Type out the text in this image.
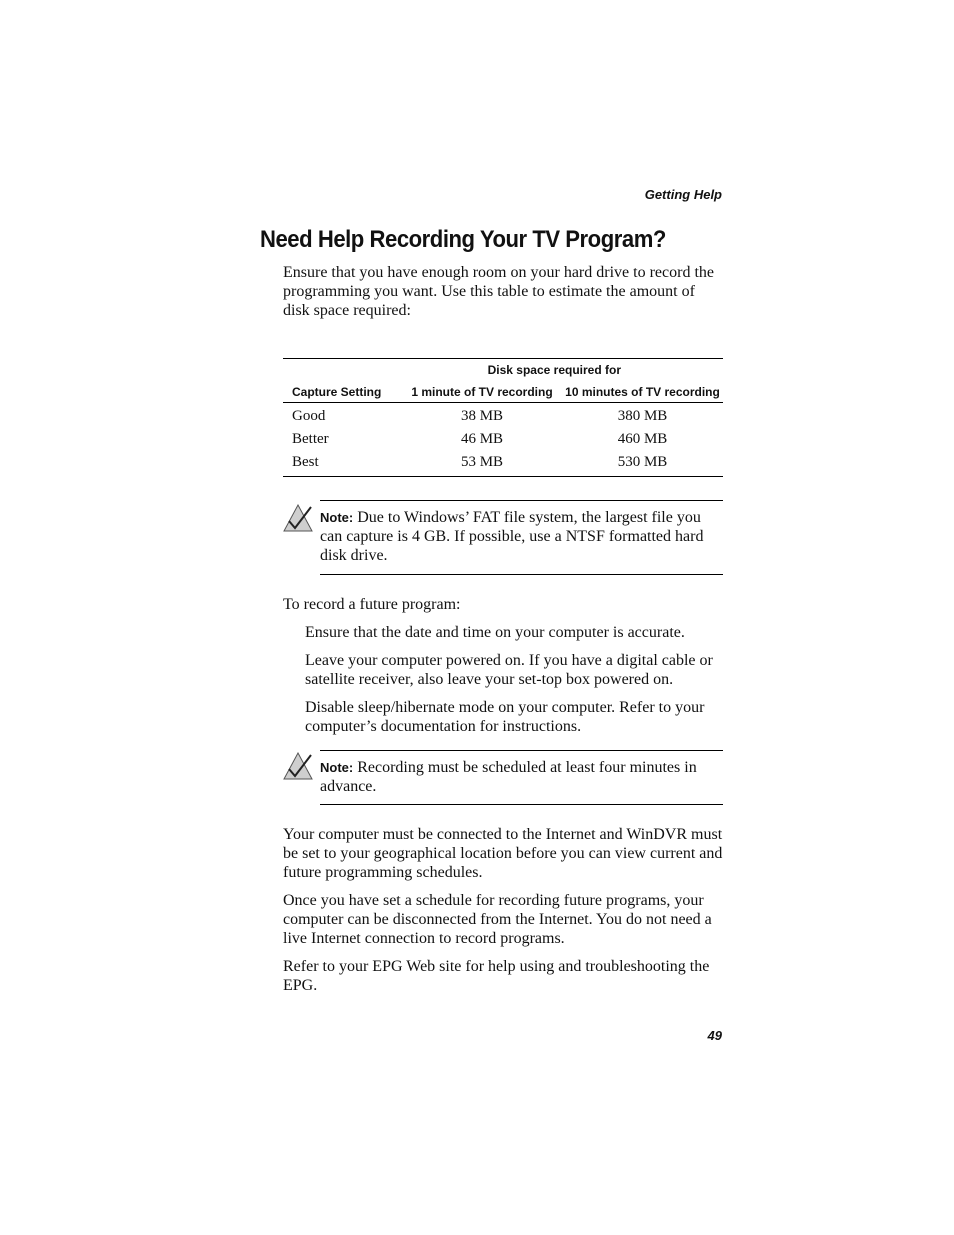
Getting Help
Need Help Recording Your TV Program?

Ensure that you have enough room on your hard drive to record the programming you want. Use this table to estimate the amount of disk space required:

Disk space required for
Capture Setting	1 minute of TV recording	10 minutes of TV recording
Good	38 MB	380 MB
Better	46 MB	460 MB
Best	53 MB	530 MB

Note: Due to Windows’ FAT file system, the largest file you can capture is 4 GB. If possible, use a NTSF formatted hard disk drive.

To record a future program:

Ensure that the date and time on your computer is accurate.

Leave your computer powered on. If you have a digital cable or satellite receiver, also leave your set-top box powered on.

Disable sleep/hibernate mode on your computer. Refer to your computer’s documentation for instructions.

Note: Recording must be scheduled at least four minutes in advance.

Your computer must be connected to the Internet and WinDVR must be set to your geographical location before you can view current and future programming schedules.

Once you have set a schedule for recording future programs, your computer can be disconnected from the Internet. You do not need a live Internet connection to record programs.

Refer to your EPG Web site for help using and troubleshooting the EPG.

49
